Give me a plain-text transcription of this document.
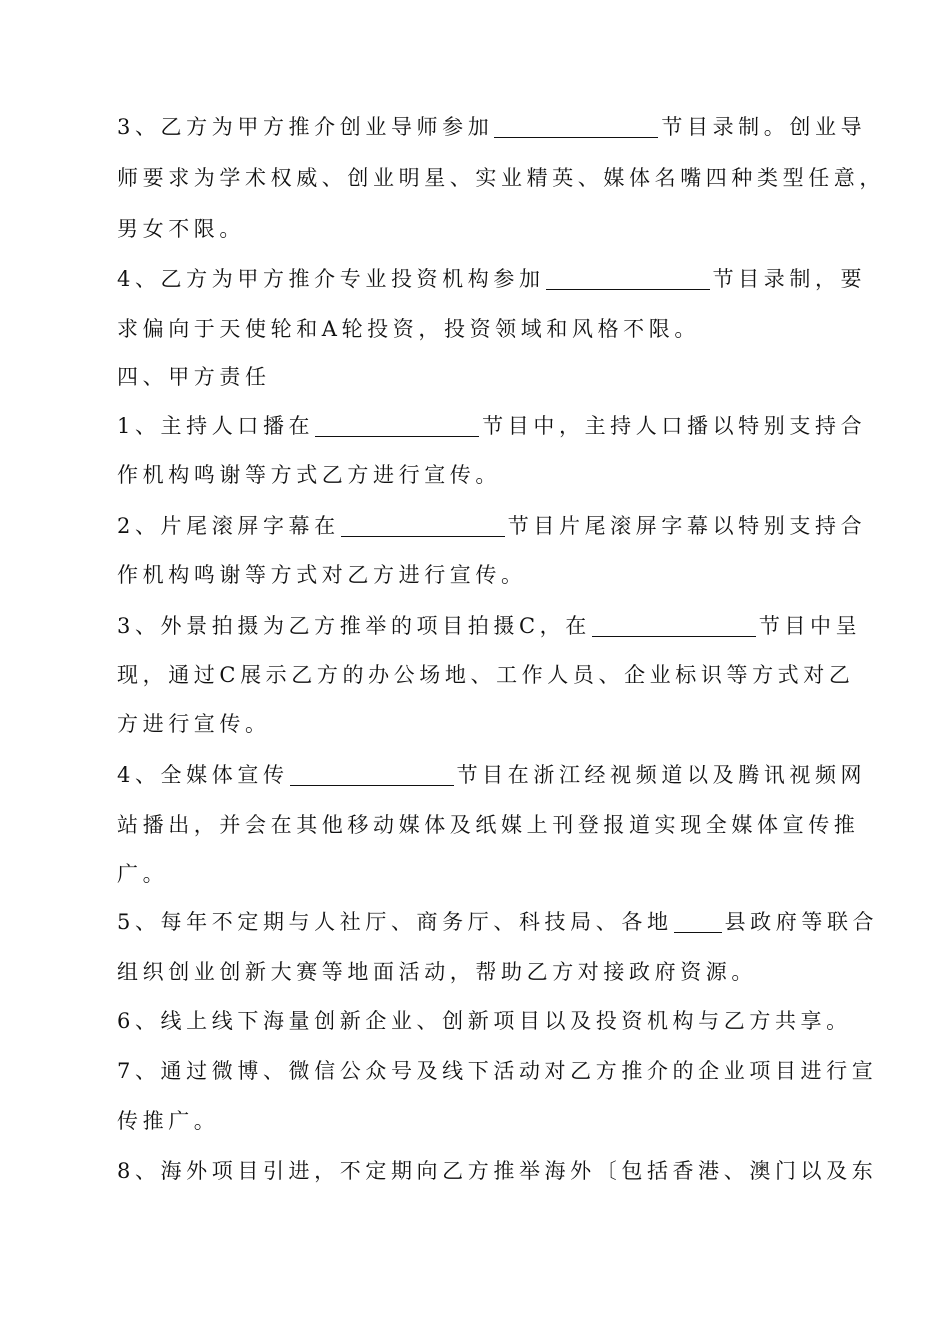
3、乙方为甲方推介创业导师参加	节目录制。创业导
师要求为学术权威、创业明星、实业精英、媒体名嘴四种类型任意，
男女不限。
4、乙方为甲方推介专业投资机构参加	节目录制，要
求偏向于天使轮和A轮投资，投资领域和风格不限。
四、甲方责任
1、主持人口播在	节目中，主持人口播以特别支持合
作机构鸣谢等方式乙方进行宣传。
2、片尾滚屏字幕在	节目片尾滚屏字幕以特别支持合
作机构鸣谢等方式对乙方进行宣传。
3、外景拍摄为乙方推举的项目拍摄C，在	节目中呈
现，通过C展示乙方的办公场地、工作人员、企业标识等方式对乙
方进行宣传。
4、全媒体宣传	节目在浙江经视频道以及腾讯视频网
站播出，并会在其他移动媒体及纸媒上刊登报道实现全媒体宣传推
广。
5、每年不定期与人社厅、商务厅、科技局、各地 县政府等联合
组织创业创新大赛等地面活动，帮助乙方对接政府资源。
6、线上线下海量创新企业、创新项目以及投资机构与乙方共享。
7、通过微博、微信公众号及线下活动对乙方推介的企业项目进行宣
传推广。
8、海外项目引进，不定期向乙方推举海外〔包括香港、澳门以及东
